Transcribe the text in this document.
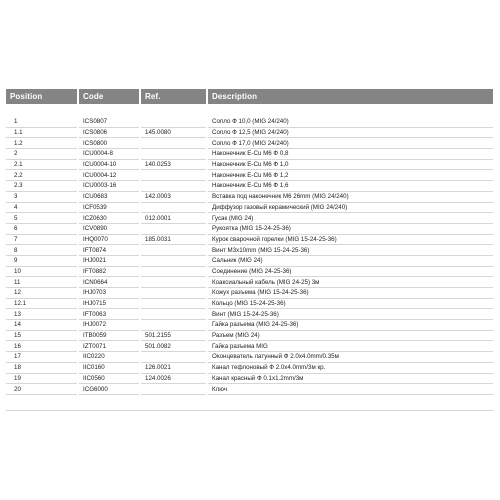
Position	Code	Ref.	Description

1	ICS0807		Сопло Ф 10,0 (MIG 24/240)
1.1	ICS0806	145.0080	Сопло Ф 12,5 (MIG 24/240)
1.2	ICS0800		Сопло Ф 17,0 (MIG 24/240)
2	ICU0004-8		Наконечник E-Cu M6 Ф 0,8
2.1	ICU0004-10	140.0253	Наконечник E-Cu M6 Ф 1,0
2.2	ICU0004-12		Наконечник E-Cu M6 Ф 1,2
2.3	ICU0003-16		Наконечник E-Cu M6 Ф 1,6
3	ICU0683	142.0003	Вставка под наконечник M6 26mm (MIG 24/240)
4	ICF0539		Диффузор газовый керамический (MIG 24/240)
5	ICZ0630	012.0001	Гусак (MIG 24)
6	ICV0890		Рукоятка (MIG 15-24-25-36)
7	IHQ0070	185.0031	Курок сварочной горелки (MIG 15-24-25-36)
8	IFT0874		Винт M3x10mm (MIG 15-24-25-36)
9	IHJ0021		Сальник (MIG 24)
10	IFT0882		Соединение (MIG 24-25-36)
11	ICN0664		Коаксиальный кабель (MIG 24-25) 3м
12	IHJ0703		Кожух разъема (MIG 15-24-25-36)
12.1	IHJ0715		Кольцо (MIG 15-24-25-36)
13	IFT0063		Винт (MIG 15-24-25-36)
14	IHJ0072		Гайка разъема (MIG 24-25-36)
15	ITB0059	501.2155	Разъем (MIG 24)
16	IZT0071	501.0082	Гайка разъема MIG
17	IIC0220		Оконцеватель латунный Ф 2.0x4.0mm/0.35м
18	IIC0160	126.0021	Канал тефлоновый Ф 2.0x4.0mm/3м кр.
19	IIC0560	124.0026	Канал красный Ф 0.1x1.2mm/3м
20	ICG6000		Ключ
